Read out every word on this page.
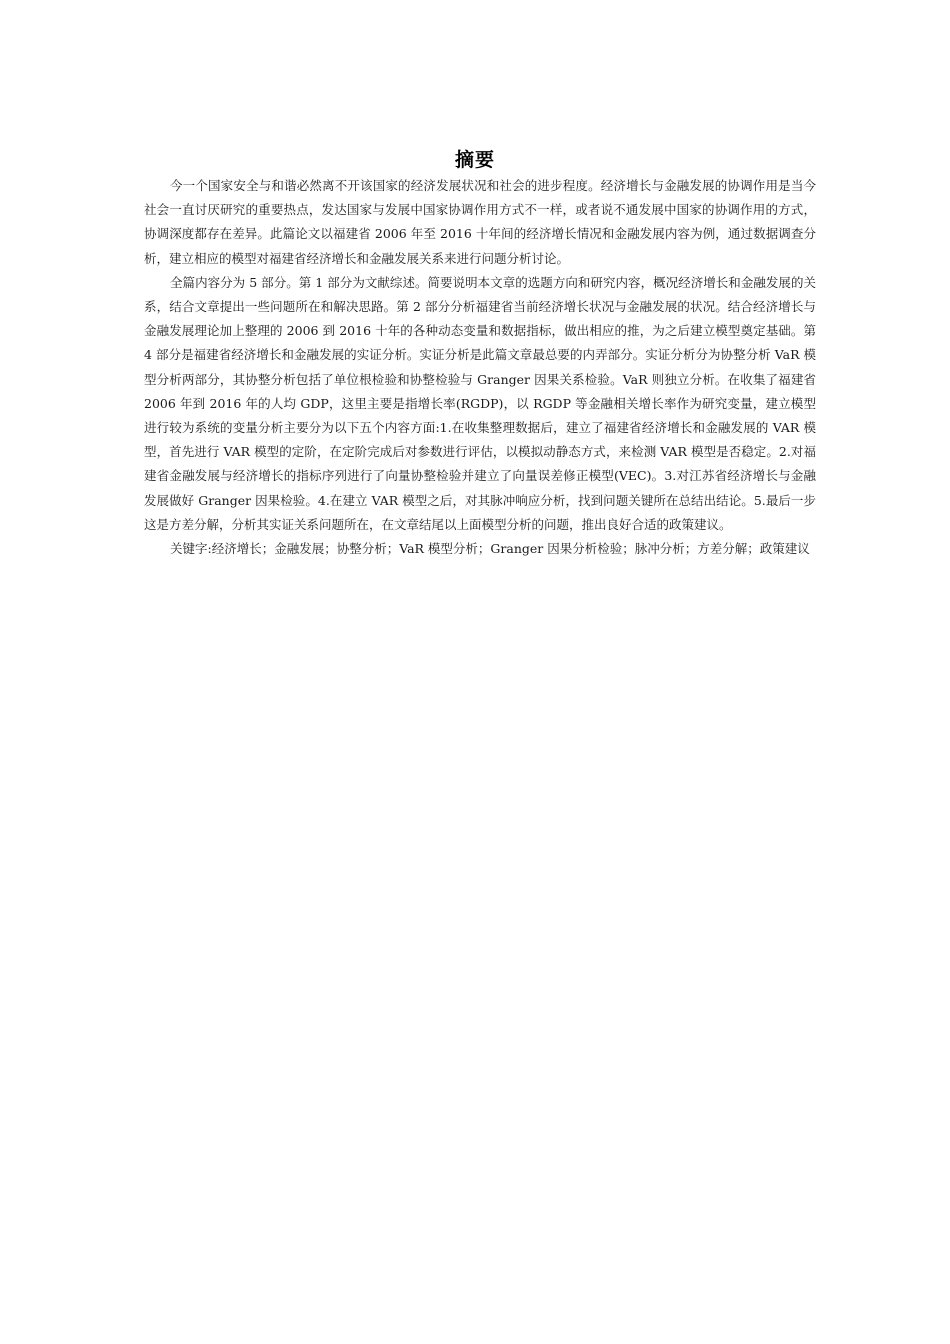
摘要

今一个国家安全与和谐必然离不开该国家的经济发展状况和社会的进步程度。经济增长与金融发展的协调作用是当今社会一直讨厌研究的重要热点，发达国家与发展中国家协调作用方式不一样，或者说不通发展中国家的协调作用的方式，协调深度都存在差异。此篇论文以福建省 2006 年至 2016 十年间的经济增长情况和金融发展内容为例，通过数据调查分析，建立相应的模型对福建省经济增长和金融发展关系来进行问题分析讨论。

全篇内容分为 5 部分。第 1 部分为文献综述。简要说明本文章的选题方向和研究内容，概况经济增长和金融发展的关系，结合文章提出一些问题所在和解决思路。第 2 部分分析福建省当前经济增长状况与金融发展的状况。结合经济增长与金融发展理论加上整理的 2006 到 2016 十年的各种动态变量和数据指标，做出相应的推，为之后建立模型奠定基础。第 4 部分是福建省经济增长和金融发展的实证分析。实证分析是此篇文章最总要的内弄部分。实证分析分为协整分析 VaR 模型分析两部分，其协整分析包括了单位根检验和协整检验与 Granger 因果关系检验。VaR 则独立分析。在收集了福建省 2006 年到 2016 年的人均 GDP，这里主要是指增长率(RGDP)，以 RGDP 等金融相关增长率作为研究变量，建立模型进行较为系统的变量分析主要分为以下五个内容方面:1.在收集整理数据后，建立了福建省经济增长和金融发展的 VAR 模型，首先进行 VAR 模型的定阶，在定阶完成后对参数进行评估，以模拟动静态方式，来检测 VAR 模型是否稳定。2.对福建省金融发展与经济增长的指标序列进行了向量协整检验并建立了向量误差修正模型(VEC)。3.对江苏省经济增长与金融发展做好 Granger 因果检验。4.在建立 VAR 模型之后，对其脉冲响应分析，找到问题关键所在总结出结论。5.最后一步这是方差分解，分析其实证关系问题所在，在文章结尾以上面模型分析的问题，推出良好合适的政策建议。

关键字:经济增长；金融发展；协整分析；VaR 模型分析；Granger 因果分析检验；脉冲分析；方差分解；政策建议
